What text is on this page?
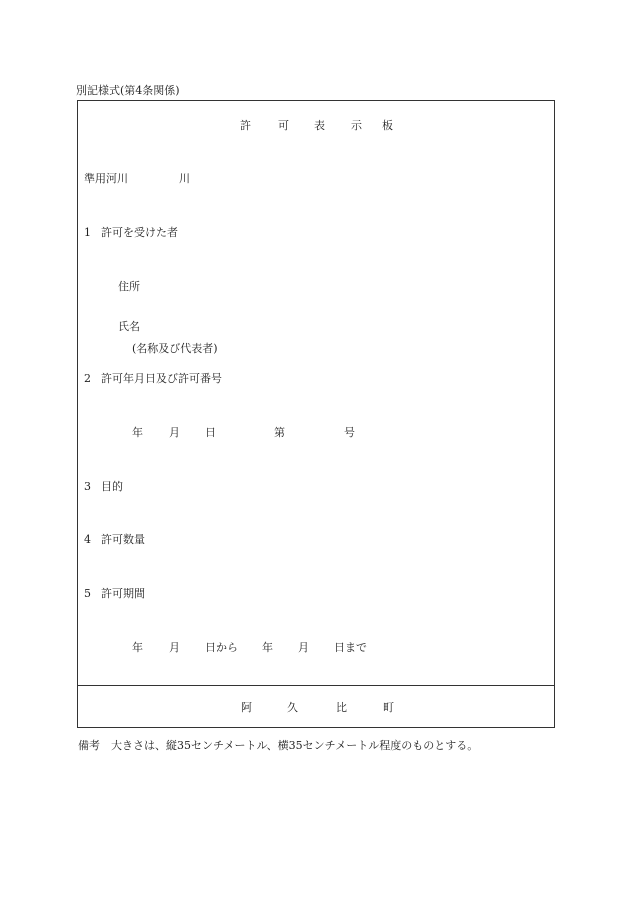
別記様式(第4条関係)
許 可 表 示 板
準用河川	川
1 許可を受けた者
住所
氏名
(名称及び代表者)
2 許可年月日及び許可番号
年 月 日	第	号
3 目的
4 許可数量
5 許可期間
年 月 日から 年 月 日まで
阿	久	比	町
備考　大きさは、縦35センチメートル、横35センチメートル程度のものとする。
